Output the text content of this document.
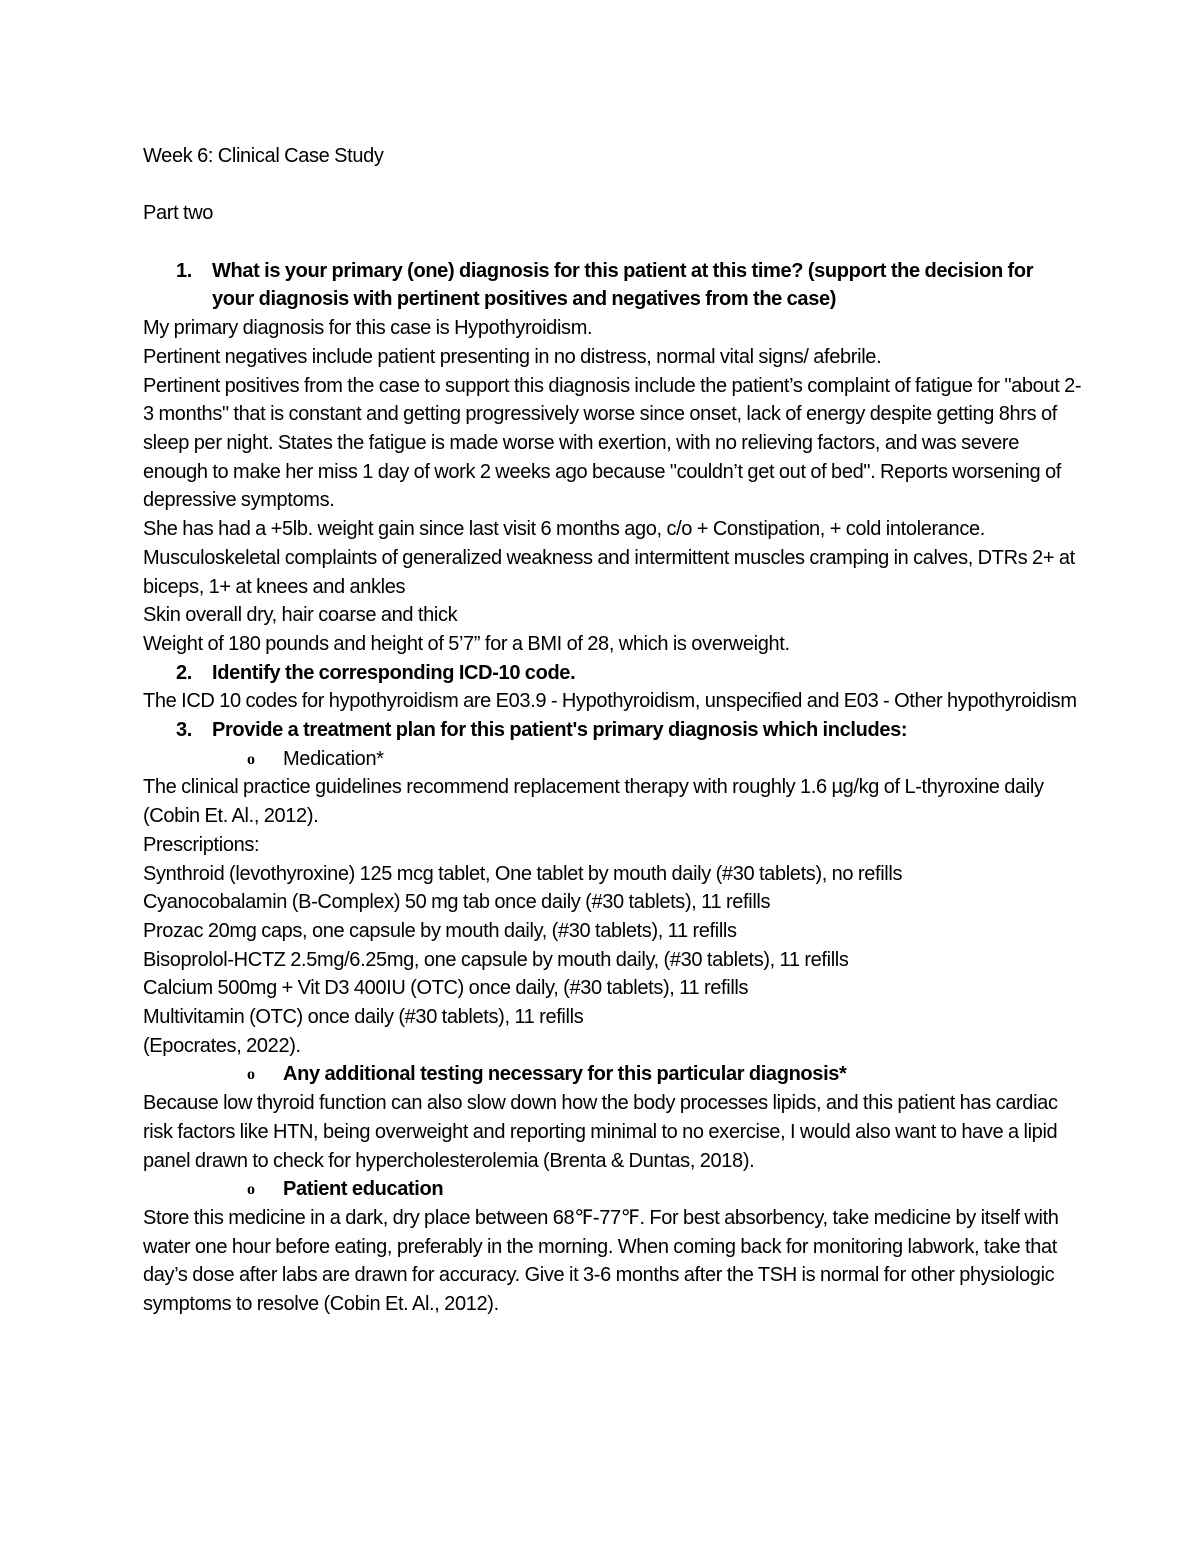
Week 6: Clinical Case Study

Part two

1. What is your primary (one) diagnosis for this patient at this time? (support the decision for your diagnosis with pertinent positives and negatives from the case)

My primary diagnosis for this case is Hypothyroidism.

Pertinent negatives include patient presenting in no distress, normal vital signs/ afebrile.

Pertinent positives from the case to support this diagnosis include the patient’s complaint of fatigue for "about 2-3 months" that is constant and getting progressively worse since onset, lack of energy despite getting 8hrs of sleep per night. States the fatigue is made worse with exertion, with no relieving factors, and was severe enough to make her miss 1 day of work 2 weeks ago because "couldn’t get out of bed". Reports worsening of depressive symptoms.

She has had a +5lb. weight gain since last visit 6 months ago, c/o + Constipation, + cold intolerance.

Musculoskeletal complaints of generalized weakness and intermittent muscles cramping in calves, DTRs 2+ at biceps, 1+ at knees and ankles

Skin overall dry, hair coarse and thick

Weight of 180 pounds and height of 5’7” for a BMI of 28, which is overweight.

2. Identify the corresponding ICD-10 code.

The ICD 10 codes for hypothyroidism are E03.9 - Hypothyroidism, unspecified and E03 - Other hypothyroidism

3. Provide a treatment plan for this patient's primary diagnosis which includes:

o Medication*

The clinical practice guidelines recommend replacement therapy with roughly 1.6 µg/kg of L-thyroxine daily (Cobin Et. Al., 2012).

Prescriptions:

Synthroid (levothyroxine) 125 mcg tablet, One tablet by mouth daily (#30 tablets), no refills

Cyanocobalamin (B-Complex) 50 mg tab once daily (#30 tablets), 11 refills

Prozac 20mg caps, one capsule by mouth daily, (#30 tablets), 11 refills

Bisoprolol-HCTZ 2.5mg/6.25mg, one capsule by mouth daily, (#30 tablets), 11 refills

Calcium 500mg + Vit D3 400IU (OTC) once daily, (#30 tablets), 11 refills

Multivitamin (OTC) once daily (#30 tablets), 11 refills

(Epocrates, 2022).

o Any additional testing necessary for this particular diagnosis*

Because low thyroid function can also slow down how the body processes lipids, and this patient has cardiac risk factors like HTN, being overweight and reporting minimal to no exercise, I would also want to have a lipid panel drawn to check for hypercholesterolemia (Brenta & Duntas, 2018).

o Patient education

Store this medicine in a dark, dry place between 68℉-77℉. For best absorbency, take medicine by itself with water one hour before eating, preferably in the morning. When coming back for monitoring labwork, take that day’s dose after labs are drawn for accuracy. Give it 3-6 months after the TSH is normal for other physiologic symptoms to resolve (Cobin Et. Al., 2012).
